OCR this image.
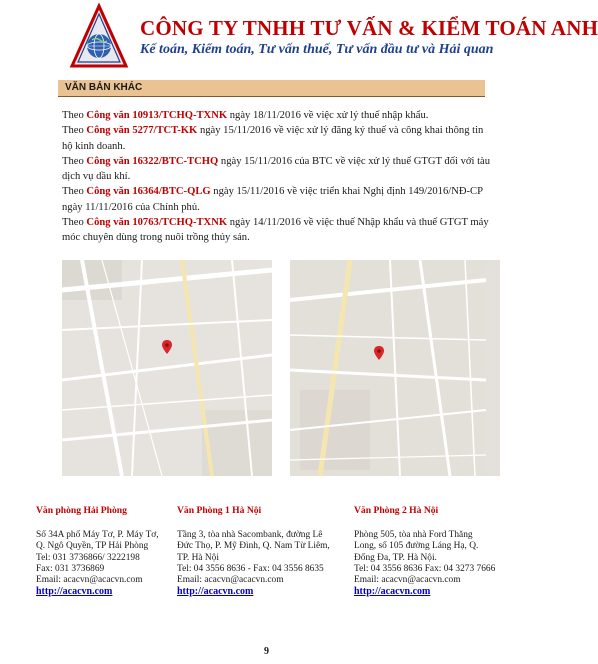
CÔNG TY TNHH TƯ VẤN & KIỂM TOÁN ANH
Kế toán, Kiểm toán, Tư vấn thuế, Tư vấn đầu tư và Hải quan
VĂN BẢN KHÁC

Theo Công văn 10913/TCHQ-TXNK ngày 18/11/2016 về việc xử lý thuế nhập khẩu.

Theo Công văn 5277/TCT-KK ngày 15/11/2016 về việc xử lý đăng ký thuế và công khai thông tin hộ kinh doanh.

Theo Công văn 16322/BTC-TCHQ ngày 15/11/2016 của BTC về việc xử lý thuế GTGT đối với tàu dịch vụ dầu khí.

Theo Công văn 16364/BTC-QLG ngày 15/11/2016 về việc triển khai Nghị định 149/2016/NĐ-CP ngày 11/11/2016 của Chính phủ.

Theo Công văn 10763/TCHQ-TXNK ngày 14/11/2016 về việc thuế Nhập khẩu và thuế GTGT máy móc chuyên dùng trong nuôi trồng thủy sản.

Văn phòng Hải Phòng
Số 34A phố Máy Tơ, P. Máy Tơ,
Q. Ngô Quyền, TP Hải Phòng
Tel: 031 3736866/ 3222198
Fax: 031 3736869
Email: acacvn@acacvn.com
http://acacvn.com
Văn Phòng 1 Hà Nội
Tầng 3, tòa nhà Sacombank, đường Lê
Đức Thọ, P. Mỹ Đình, Q. Nam Từ Liêm,
TP. Hà Nội
Tel: 04 3556 8636 - Fax: 04 3556 8635
Email: acacvn@acacvn.com
http://acacvn.com
Văn Phòng 2 Hà Nội
Phòng 505, tòa nhà Ford Thăng
Long, số 105 đường Láng Hạ, Q.
Đống Đa, TP. Hà Nội.
Tel: 04 3556 8636 Fax: 04 3273 7666
Email: acacvn@acacvn.com
http://acacvn.com
9
